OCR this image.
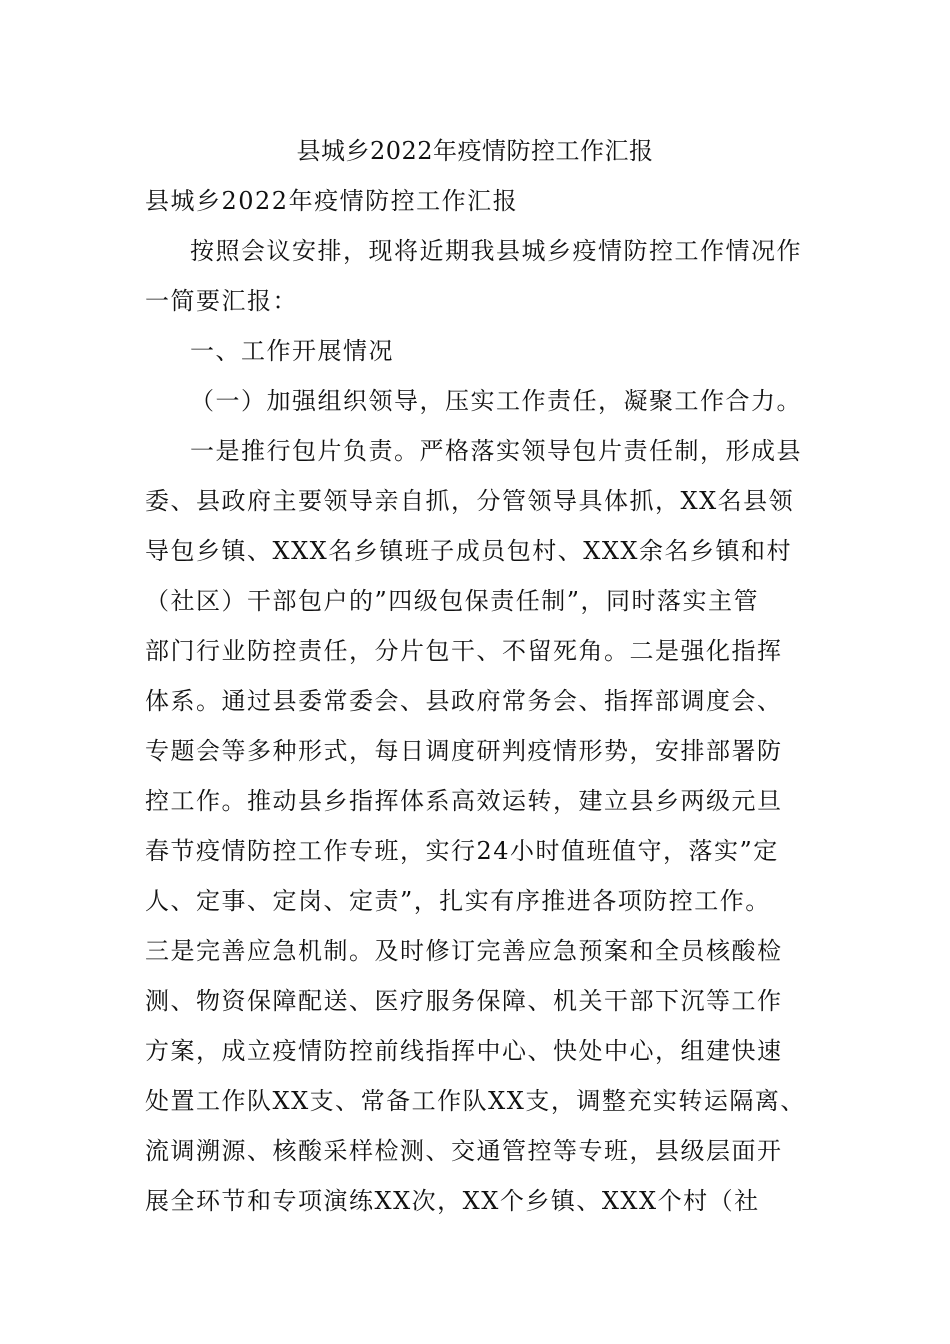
县城乡2022年疫情防控工作汇报
县城乡2022年疫情防控工作汇报
按照会议安排，现将近期我县城乡疫情防控工作情况作
一简要汇报：
一、工作开展情况
（一）加强组织领导，压实工作责任，凝聚工作合力。
一是推行包片负责。严格落实领导包片责任制，形成县
委、县政府主要领导亲自抓，分管领导具体抓，XX名县领
导包乡镇、XXX名乡镇班子成员包村、XXX余名乡镇和村
（社区）干部包户的”四级包保责任制”，同时落实主管
部门行业防控责任，分片包干、不留死角。二是强化指挥
体系。通过县委常委会、县政府常务会、指挥部调度会、
专题会等多种形式，每日调度研判疫情形势，安排部署防
控工作。推动县乡指挥体系高效运转，建立县乡两级元旦
春节疫情防控工作专班，实行24小时值班值守，落实”定
人、定事、定岗、定责”，扎实有序推进各项防控工作。
三是完善应急机制。及时修订完善应急预案和全员核酸检
测、物资保障配送、医疗服务保障、机关干部下沉等工作
方案，成立疫情防控前线指挥中心、快处中心，组建快速
处置工作队XX支、常备工作队XX支，调整充实转运隔离、
流调溯源、核酸采样检测、交通管控等专班，县级层面开
展全环节和专项演练XX次，XX个乡镇、XXX个村（社
